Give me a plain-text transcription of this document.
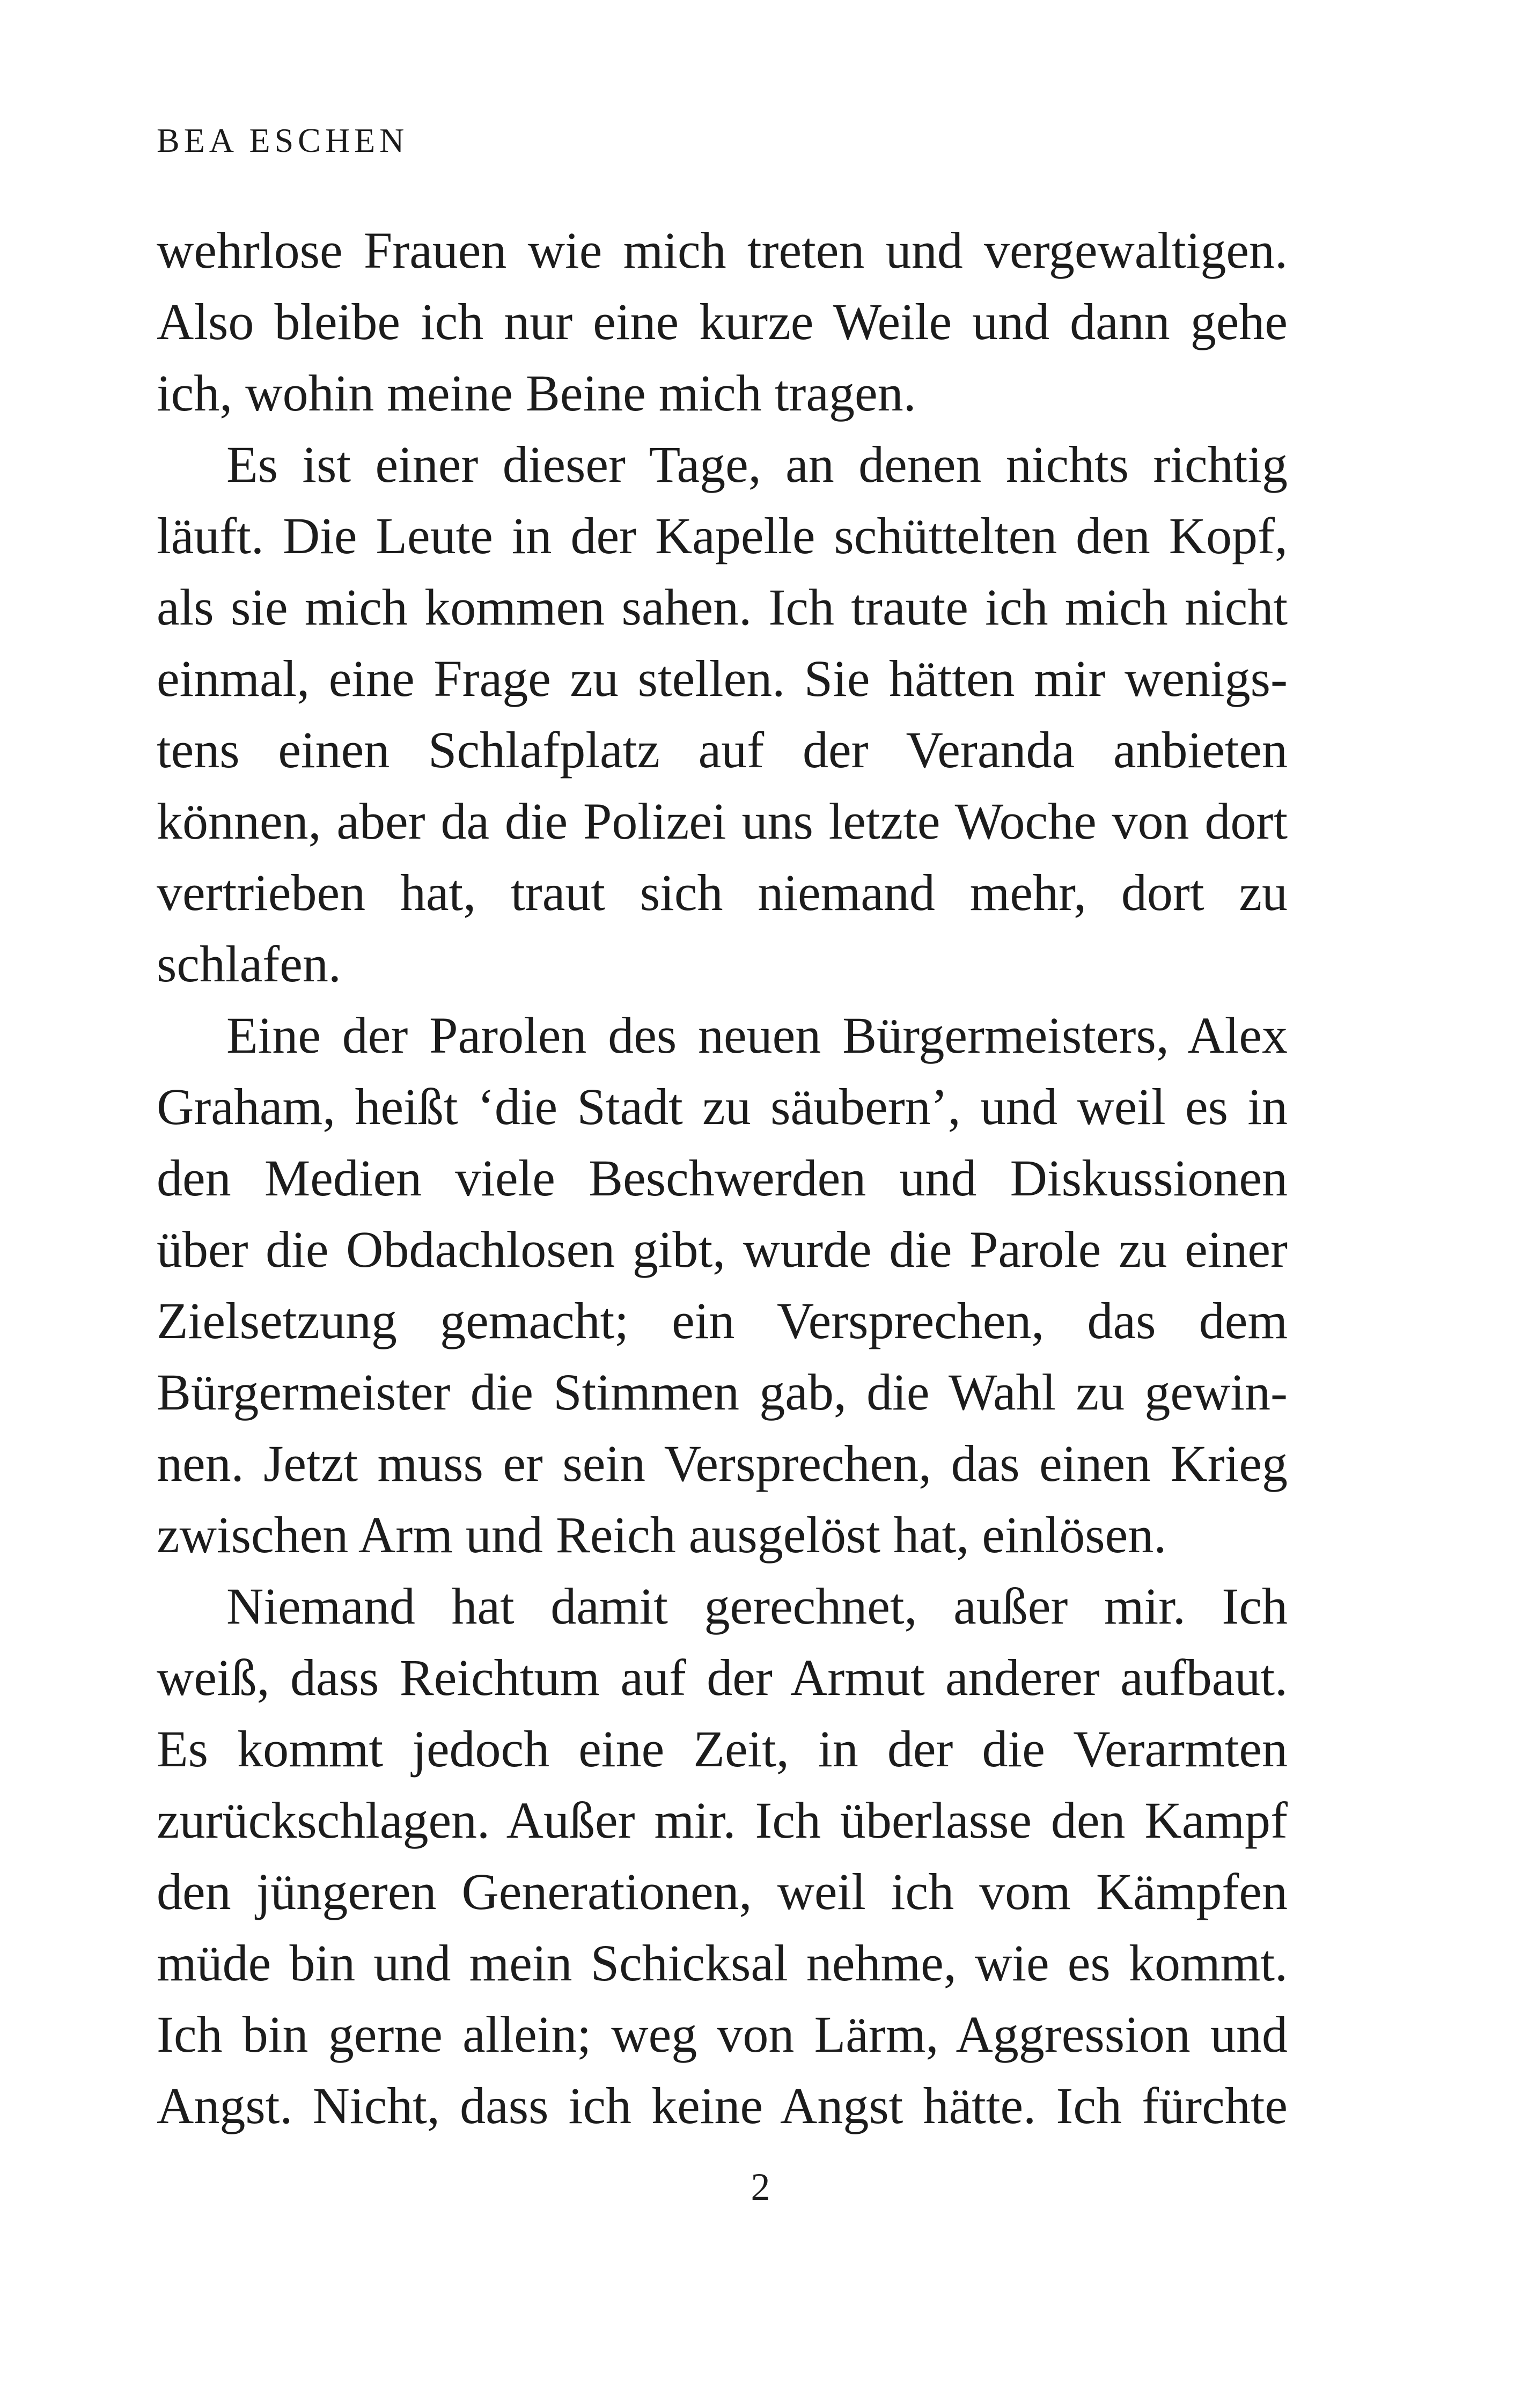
BEA ESCHEN
wehrlose Frauen wie mich treten und vergewaltigen.
Also bleibe ich nur eine kurze Weile und dann gehe
ich, wohin meine Beine mich tragen.
Es ist einer dieser Tage, an denen nichts richtig
läuft. Die Leute in der Kapelle schüttelten den Kopf,
als sie mich kommen sahen. Ich traute ich mich nicht
einmal, eine Frage zu stellen. Sie hätten mir wenigs-
tens einen Schlafplatz auf der Veranda anbieten
können, aber da die Polizei uns letzte Woche von dort
vertrieben hat, traut sich niemand mehr, dort zu
schlafen.
Eine der Parolen des neuen Bürgermeisters, Alex
Graham, heißt ‘die Stadt zu säubern’, und weil es in
den Medien viele Beschwerden und Diskussionen
über die Obdachlosen gibt, wurde die Parole zu einer
Zielsetzung gemacht; ein Versprechen, das dem
Bürgermeister die Stimmen gab, die Wahl zu gewin-
nen. Jetzt muss er sein Versprechen, das einen Krieg
zwischen Arm und Reich ausgelöst hat, einlösen.
Niemand hat damit gerechnet, außer mir. Ich
weiß, dass Reichtum auf der Armut anderer aufbaut.
Es kommt jedoch eine Zeit, in der die Verarmten
zurückschlagen. Außer mir. Ich überlasse den Kampf
den jüngeren Generationen, weil ich vom Kämpfen
müde bin und mein Schicksal nehme, wie es kommt.
Ich bin gerne allein; weg von Lärm, Aggression und
Angst. Nicht, dass ich keine Angst hätte. Ich fürchte
2
